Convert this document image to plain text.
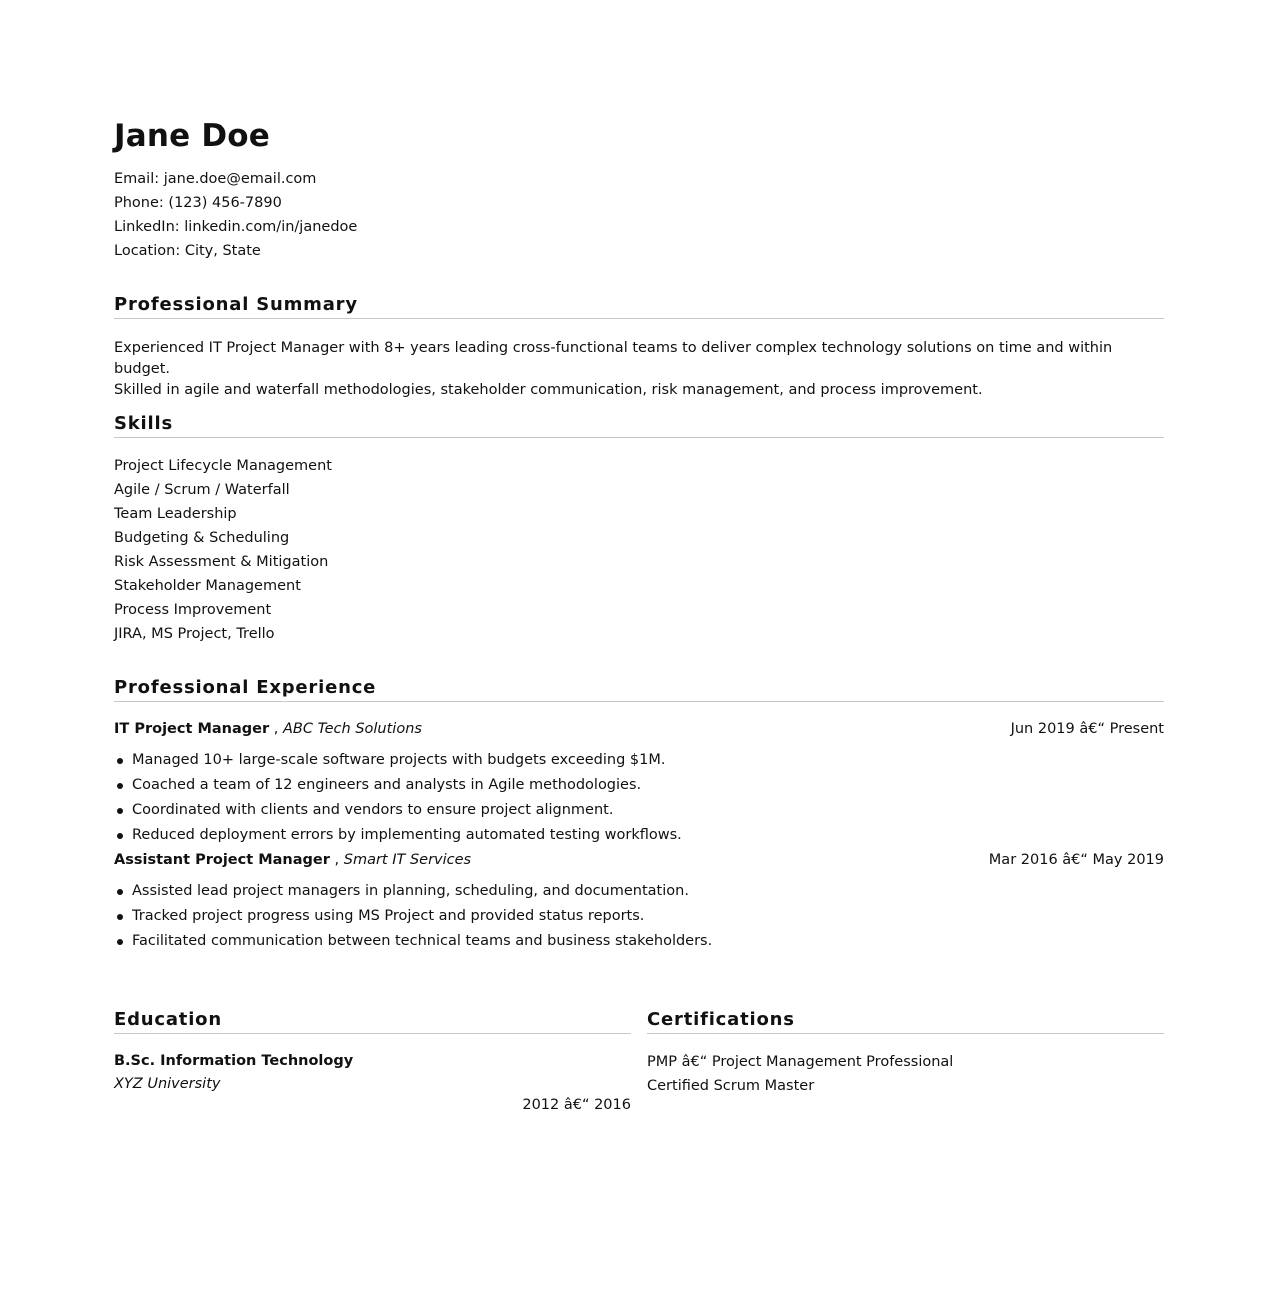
Jane Doe
Email: jane.doe@email.com
Phone: (123) 456-7890
LinkedIn: linkedin.com/in/janedoe
Location: City, State
Professional Summary
Experienced IT Project Manager with 8+ years leading cross-functional teams to deliver complex technology solutions on time and within budget.
Skilled in agile and waterfall methodologies, stakeholder communication, risk management, and process improvement.
Skills
Project Lifecycle Management
Agile / Scrum / Waterfall
Team Leadership
Budgeting & Scheduling
Risk Assessment & Mitigation
Stakeholder Management
Process Improvement
JIRA, MS Project, Trello
Professional Experience
IT Project Manager , ABC Tech Solutions	Jun 2019 â€“ Present
Managed 10+ large-scale software projects with budgets exceeding $1M.
Coached a team of 12 engineers and analysts in Agile methodologies.
Coordinated with clients and vendors to ensure project alignment.
Reduced deployment errors by implementing automated testing workflows.
Assistant Project Manager , Smart IT Services	Mar 2016 â€“ May 2019
Assisted lead project managers in planning, scheduling, and documentation.
Tracked project progress using MS Project and provided status reports.
Facilitated communication between technical teams and business stakeholders.
Education
B.Sc. Information Technology
XYZ University
2012 â€“ 2016
Certifications
PMP â€“ Project Management Professional
Certified Scrum Master
